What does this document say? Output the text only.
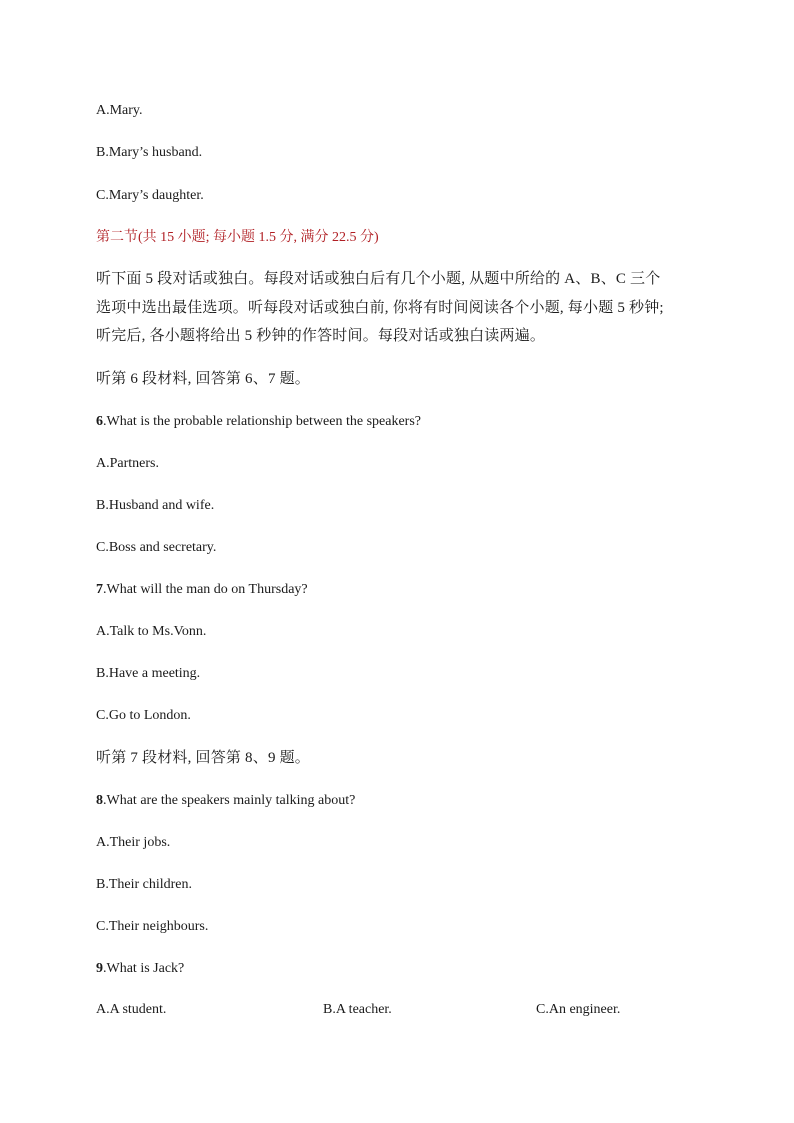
A.Mary.
B.Mary’s husband.
C.Mary’s daughter.
第二节(共 15 小题; 每小题 1.5 分, 满分 22.5 分)
听下面 5 段对话或独白。每段对话或独白后有几个小题, 从题中所给的 A、B、C 三个
选项中选出最佳选项。听每段对话或独白前, 你将有时间阅读各个小题, 每小题 5 秒钟;
听完后, 各小题将给出 5 秒钟的作答时间。每段对话或独白读两遍。
听第 6 段材料, 回答第 6、7 题。
6.What is the probable relationship between the speakers?
A.Partners.
B.Husband and wife.
C.Boss and secretary.
7.What will the man do on Thursday?
A.Talk to Ms.Vonn.
B.Have a meeting.
C.Go to London.
听第 7 段材料, 回答第 8、9 题。
8.What are the speakers mainly talking about?
A.Their jobs.
B.Their children.
C.Their neighbours.
9.What is Jack?
A.A student.	B.A teacher.	C.An engineer.
